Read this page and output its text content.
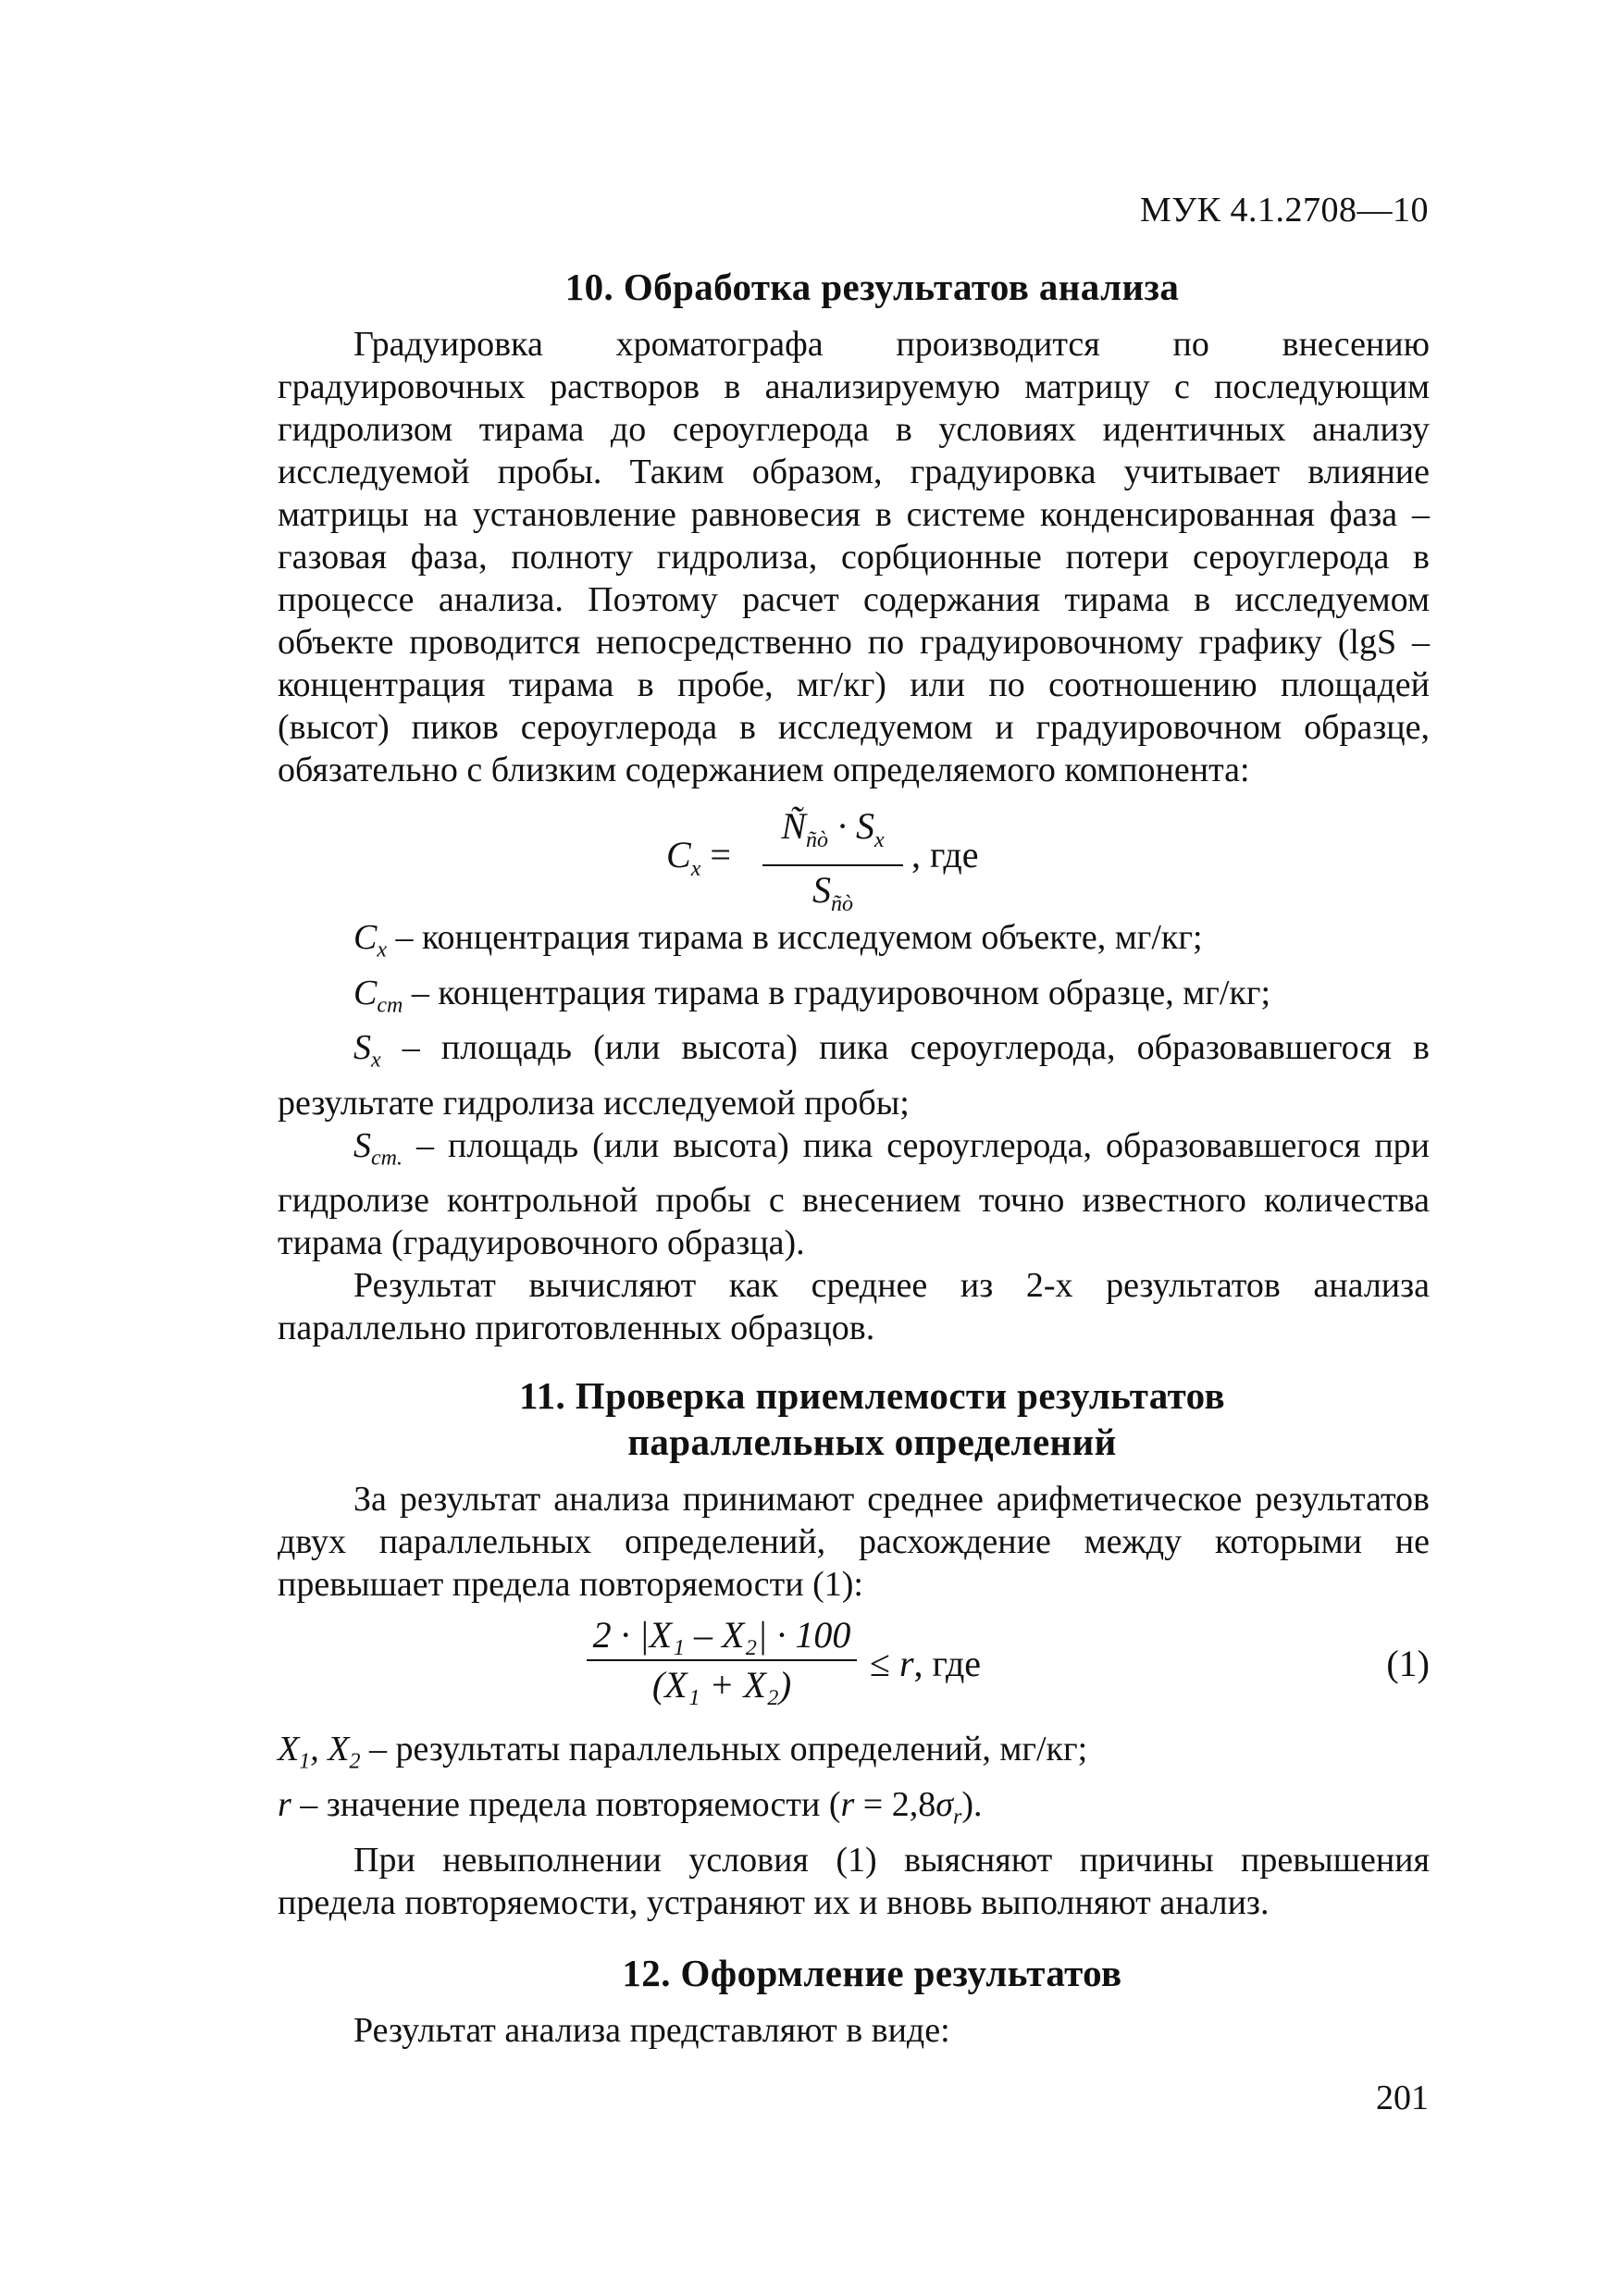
МУК 4.1.2708—10
10. Обработка результатов анализа

Градуировка хроматографа производится по внесению градуировочных растворов в анализируемую матрицу с последующим гидролизом тирама до сероуглерода в условиях идентичных анализу исследуемой пробы. Таким образом, градуировка учитывает влияние матрицы на установление равновесия в системе конденсированная фаза – газовая фаза, полноту гидролиза, сорбционные потери сероуглерода в процессе анализа. Поэтому расчет содержания тирама в исследуемом объекте проводится непосредственно по градуировочному графику (lgS – концентрация тирама в пробе, мг/кг) или по соотношению площадей (высот) пиков сероуглерода в исследуемом и градуировочном образце, обязательно с близким содержанием определяемого компонента:

$C_x$ =
$Ñ_{ñò} \cdot S_x$
$S_{ñò}$
, где

$C_x$ – концентрация тирама в исследуемом объекте, мг/кг;

$C_{cm}$ – концентрация тирама в градуировочном образце, мг/кг;

$S_x$ – площадь (или высота) пика сероуглерода, образовавшегося в результате гидролиза исследуемой пробы;

$S_{cm.}$ – площадь (или высота) пика сероуглерода, образовавшегося при гидролизе контрольной пробы с внесением точно известного количества тирама (градуировочного образца).

Результат вычисляют как среднее из 2-х результатов анализа параллельно приготовленных образцов.

11. Проверка приемлемости результатов
параллельных определений

За результат анализа принимают среднее арифметическое результатов двух параллельных определений, расхождение между которыми не превышает предела повторяемости (1):

2 · |X₁ – X₂| · 100
(X₁ + X₂)
≤ r, где	(1)

$X_1$, $X_2$ – результаты параллельных определений, мг/кг;

r – значение предела повторяемости $(r = 2,8\sigma_r)$.

При невыполнении условия (1) выясняют причины превышения предела повторяемости, устраняют их и вновь выполняют анализ.

12. Оформление результатов

Результат анализа представляют в виде:

201
